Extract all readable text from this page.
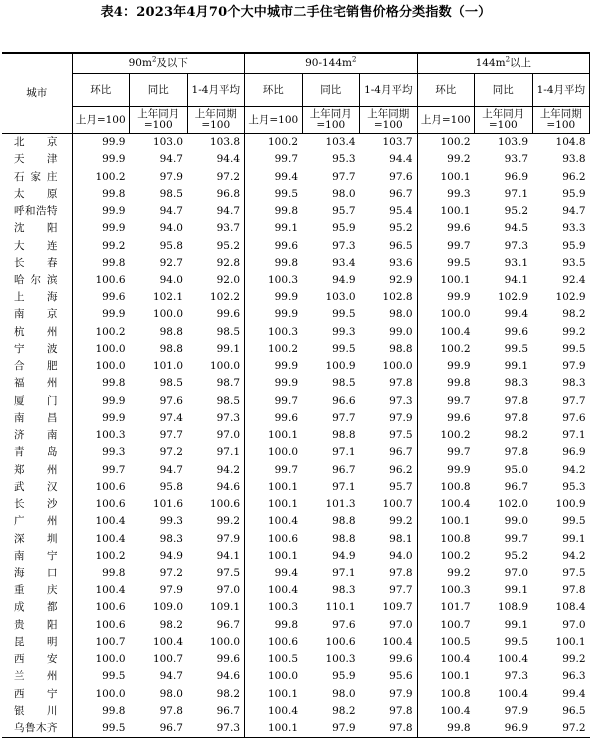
表4：2023年4月70个大中城市二手住宅销售价格分类指数（一）
城市	$90m^2$及以下			$90-144m^2$			$144m^2$以上		
	环比	同比	1-4月平均	环比	同比	1-4月平均	环比	同比	1-4月平均
	上月=100	上年同月=100	上年同期=100	上月=100	上年同月=100	上年同期=100	上月=100	上年同月=100	上年同期=100
北京	99.9	103.0	103.8	100.2	103.4	103.7	100.2	103.9	104.8
天津	99.9	94.7	94.4	99.7	95.3	94.4	99.2	93.7	93.8
石家庄	100.2	97.9	97.2	99.4	97.7	97.6	100.1	96.9	96.2
太原	99.8	98.5	96.8	99.5	98.0	96.7	99.3	97.1	95.9
呼和浩特	99.9	94.7	94.7	99.8	95.7	95.4	100.1	95.2	94.7
沈阳	99.9	94.0	93.7	99.1	95.9	95.2	99.6	94.5	93.3
大连	99.2	95.8	95.2	99.6	97.3	96.5	99.7	97.3	95.9
长春	99.8	92.7	92.8	99.8	93.4	93.6	99.5	93.1	93.5
哈尔滨	100.6	94.0	92.0	100.3	94.9	92.9	100.1	94.1	92.4
上海	99.6	102.1	102.2	99.9	103.0	102.8	99.9	102.9	102.9
南京	99.9	100.0	99.6	99.9	99.5	98.0	100.0	99.4	98.2
杭州	100.2	98.8	98.5	100.3	99.3	99.0	100.4	99.6	99.2
宁波	100.0	98.8	99.1	100.2	99.5	98.8	100.2	99.5	99.5
合肥	100.0	101.0	100.0	99.9	100.9	100.0	99.9	99.1	97.9
福州	99.8	98.5	98.7	99.9	98.5	97.8	99.8	98.3	98.3
厦门	99.9	97.6	98.5	99.7	96.6	97.3	99.7	97.8	97.7
南昌	99.9	97.4	97.3	99.6	97.7	97.9	99.6	97.8	97.6
济南	100.3	97.7	97.0	100.1	98.8	97.5	100.2	98.2	97.1
青岛	99.3	97.2	97.1	100.0	97.1	96.7	99.7	97.8	96.9
郑州	99.7	94.7	94.2	99.7	96.7	96.2	99.9	95.0	94.2
武汉	100.6	95.8	94.6	100.1	97.1	95.7	100.8	96.7	95.3
长沙	100.6	101.6	100.6	100.1	101.3	100.7	100.4	102.0	100.9
广州	100.4	99.3	99.2	100.4	98.8	99.2	100.1	99.0	99.5
深圳	100.4	98.3	97.9	100.6	98.8	98.1	100.8	99.7	99.1
南宁	100.2	94.9	94.1	100.1	94.9	94.0	100.2	95.2	94.2
海口	99.8	97.2	97.5	99.4	97.1	97.8	99.2	97.0	97.5
重庆	100.4	97.9	97.0	100.4	98.3	97.7	100.3	99.1	97.8
成都	100.6	109.0	109.1	100.3	110.1	109.7	101.7	108.9	108.4
贵阳	100.6	98.2	96.7	99.8	97.6	97.0	100.7	99.1	97.0
昆明	100.7	100.4	100.0	100.6	100.6	100.4	100.5	99.5	100.1
西安	100.0	100.7	99.6	100.5	100.3	99.6	100.4	100.4	99.2
兰州	99.5	94.7	94.6	100.0	95.9	95.6	100.1	97.3	96.3
西宁	100.0	98.0	98.2	100.1	98.0	97.9	100.8	100.4	99.4
银川	99.8	97.8	96.7	100.4	98.2	97.8	100.4	97.9	96.5
乌鲁木齐	99.5	96.7	97.3	100.1	97.9	97.8	99.8	96.9	97.2
